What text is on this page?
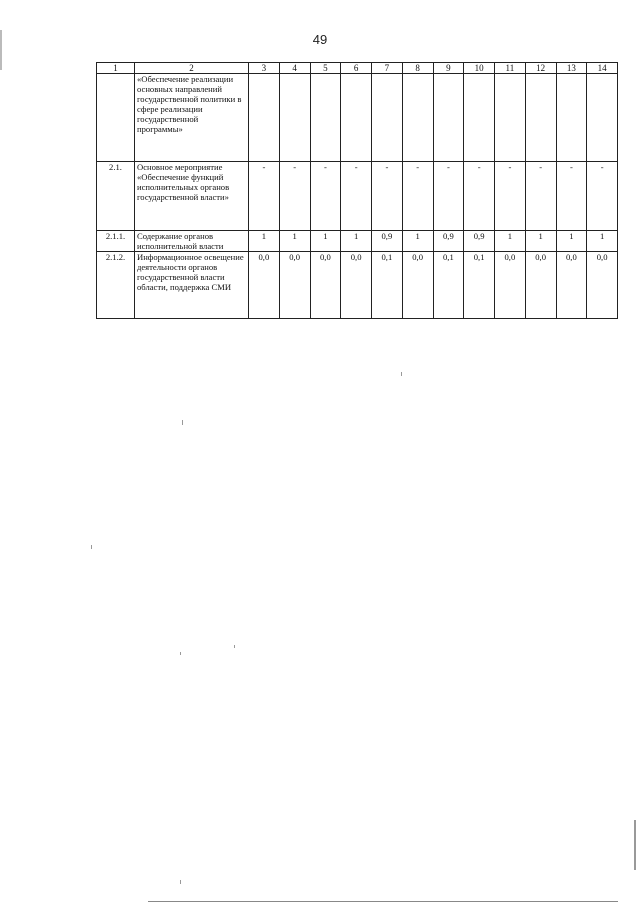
49
1	2	3	4	5	6	7	8	9	10	11	12	13	14
	«Обеспечение реализации основных направлений государственной политики в сфере реализации государственной программы»												
2.1.	Основное мероприятие «Обеспечение функций исполнительных органов государственной власти»	-	-	-	-	-	-	-	-	-	-	-	-
2.1.1.	Содержание органов исполнительной власти	1	1	1	1	0,9	1	0,9	0,9	1	1	1	1
2.1.2.	Информационное освещение деятельности органов государственной власти области, поддержка СМИ	0,0	0,0	0,0	0,0	0,1	0,0	0,1	0,1	0,0	0,0	0,0	0,0
